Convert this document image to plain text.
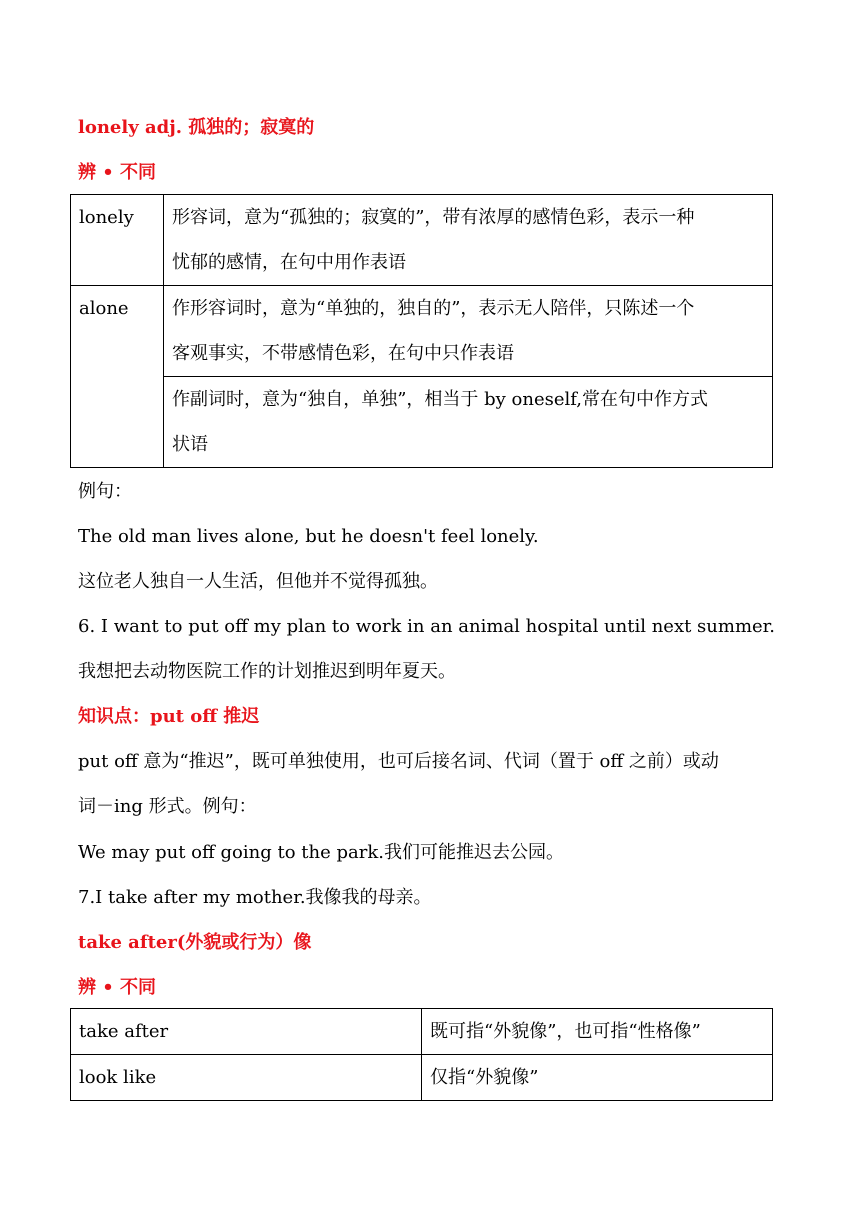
lonely adj. 孤独的；寂寞的
辨 • 不同
lonely	形容词，意为“孤独的；寂寞的”，带有浓厚的感情色彩，表示一种
忧郁的感情，在句中用作表语

alone	作形容词时，意为“单独的，独自的”，表示无人陪伴，只陈述一个
客观事实，不带感情色彩，在句中只作表语

	作副词时，意为“独自，单独”，相当于 by oneself,常在句中作方式
状语
例句：
The old man lives alone, but he doesn't feel lonely.
这位老人独自一人生活，但他并不觉得孤独。
6. I want to put off my plan to work in an animal hospital until next summer.
我想把去动物医院工作的计划推迟到明年夏天。
知识点：put off 推迟
put off 意为“推迟”，既可单独使用，也可后接名词、代词（置于 off 之前）或动
词－ing 形式。例句：
We may put off going to the park.我们可能推迟去公园。
7.I take after my mother.我像我的母亲。
take after(外貌或行为）像
辨 • 不同
take after	既可指“外貌像”，也可指“性格像”
look like	仅指“外貌像”
